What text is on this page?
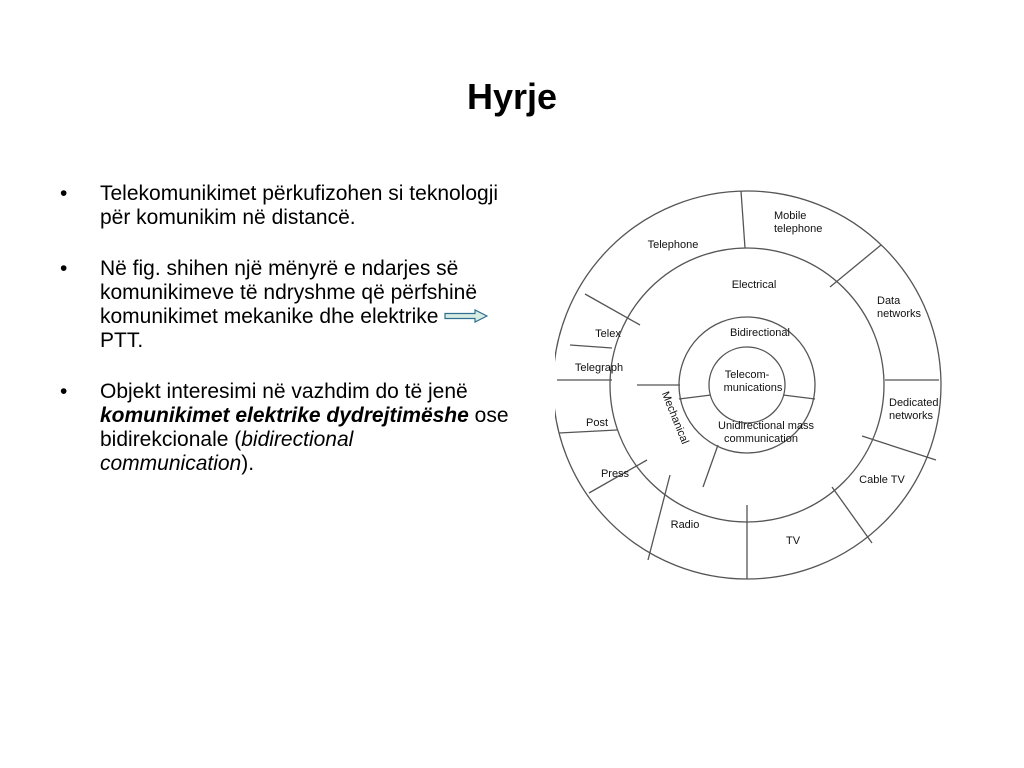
Hyrje
• Telekomunikimet përkufizohen si teknologji për komunikim në distancë.
• Në fig. shihen një mënyrë e ndarjes së komunikimeve të ndryshme që përfshinë komunikimet mekanike dhe elektrikePTT.
• Objekt interesimi në vazhdim do të jenë komunikimet elektrike dydrejtimëshe ose bidirekcionale (bidirectional communication).
Telecom-munications
Bidirectional
Unidirectional mass communication
Electrical
Mechanical
Telephone
Mobile telephone
Data networks
Dedicated networks
Cable TV
TV
Radio
Press
Post
Telegraph
Telex
